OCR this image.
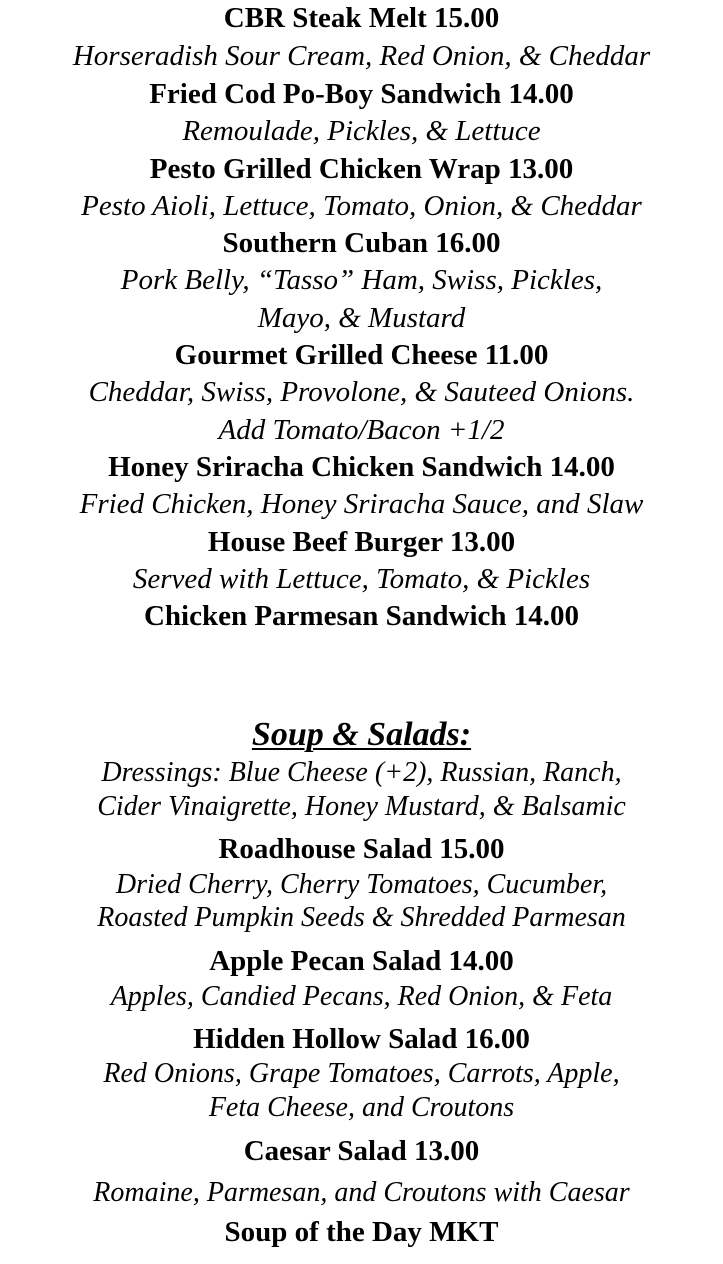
CBR Steak Melt 15.00
Horseradish Sour Cream, Red Onion, & Cheddar
Fried Cod Po-Boy Sandwich 14.00
Remoulade, Pickles, & Lettuce
Pesto Grilled Chicken Wrap 13.00
Pesto Aioli, Lettuce, Tomato, Onion, & Cheddar
Southern Cuban 16.00
Pork Belly, “Tasso” Ham, Swiss, Pickles,
Mayo, & Mustard
Gourmet Grilled Cheese 11.00
Cheddar, Swiss, Provolone, & Sauteed Onions.
Add Tomato/Bacon +1/2
Honey Sriracha Chicken Sandwich 14.00
Fried Chicken, Honey Sriracha Sauce, and Slaw
House Beef Burger 13.00
Served with Lettuce, Tomato, & Pickles
Chicken Parmesan Sandwich 14.00
Soup & Salads:
Dressings: Blue Cheese (+2), Russian, Ranch,
Cider Vinaigrette, Honey Mustard, & Balsamic
Roadhouse Salad 15.00
Dried Cherry, Cherry Tomatoes, Cucumber,
Roasted Pumpkin Seeds & Shredded Parmesan
Apple Pecan Salad 14.00
Apples, Candied Pecans, Red Onion, & Feta
Hidden Hollow Salad 16.00
Red Onions, Grape Tomatoes, Carrots, Apple,
Feta Cheese, and Croutons
Caesar Salad 13.00
Romaine, Parmesan, and Croutons with Caesar
Soup of the Day MKT
